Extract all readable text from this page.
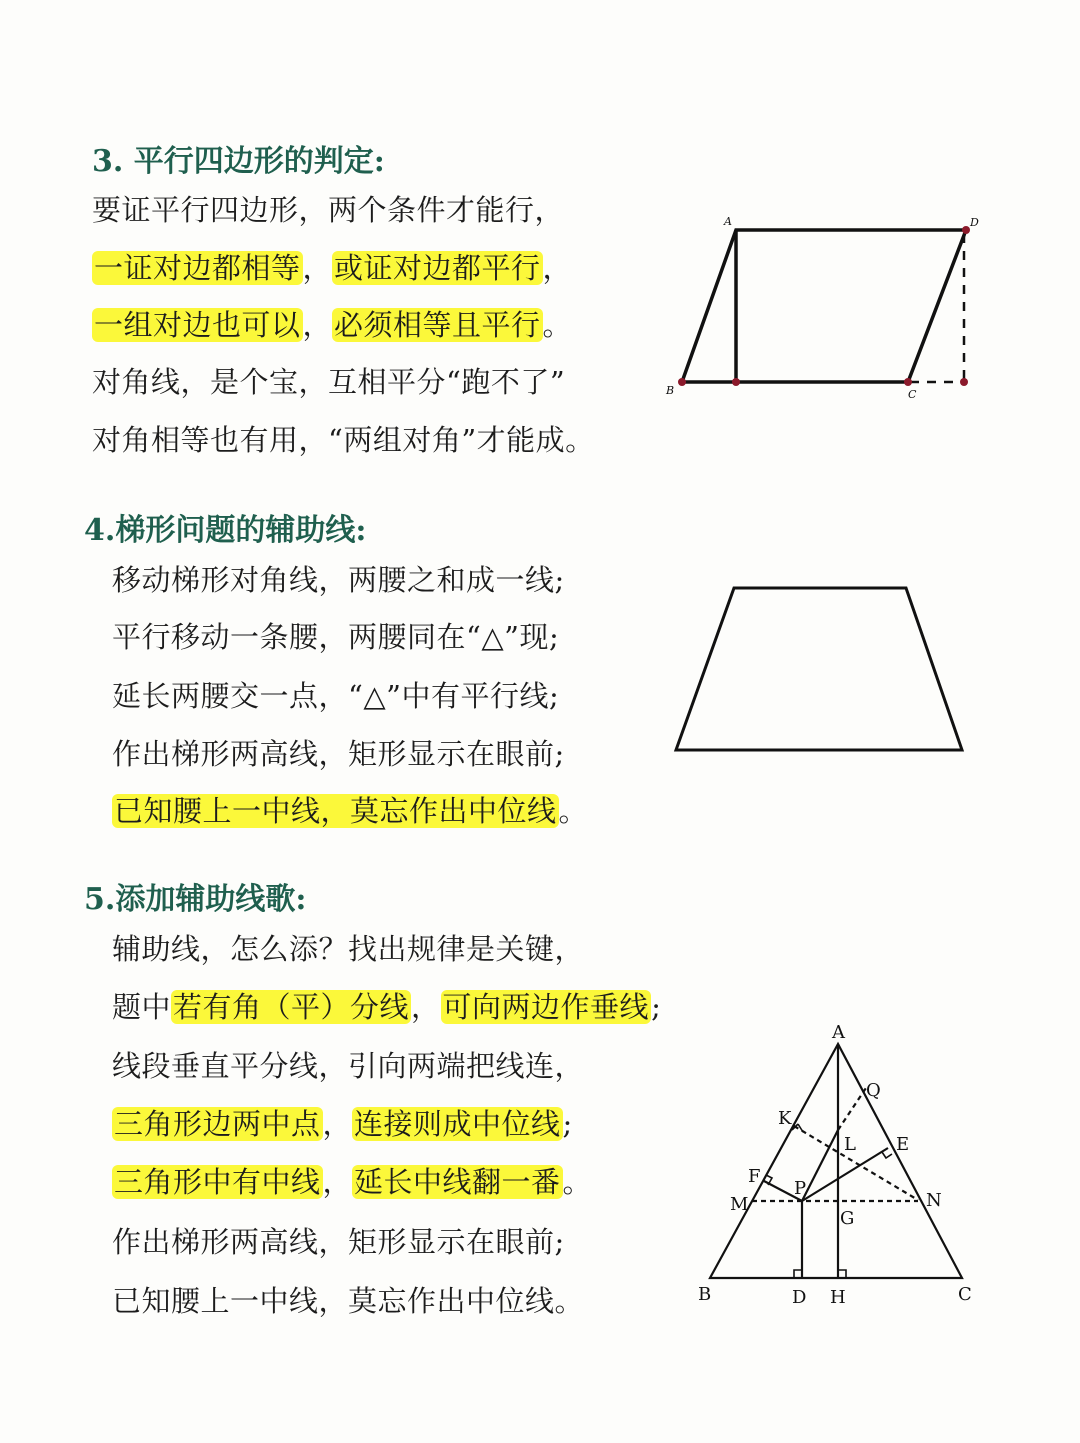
3. 平行四边形的判定:
要证平行四边形，两个条件才能行，
一证对边都相等，或证对边都平行，
一组对边也可以，必须相等且平行。
对角线，是个宝，互相平分“跑不了”
对角相等也有用，“两组对角”才能成。
A	D
B	C
4.梯形问题的辅助线:
移动梯形对角线，两腰之和成一线;
平行移动一条腰，两腰同在“△”现;
延长两腰交一点，“△”中有平行线;
作出梯形两高线，矩形显示在眼前;
已知腰上一中线，莫忘作出中位线。
5.添加辅助线歌:
辅助线，怎么添？找出规律是关键，
题中若有角（平）分线，可向两边作垂线;
线段垂直平分线，引向两端把线连，
三角形边两中点，连接则成中位线;
三角形中有中线，延长中线翻一番。
作出梯形两高线，矩形显示在眼前;
已知腰上一中线，莫忘作出中位线。
A
B	C
D H
K
Q
L E
F
P
M	N
G
